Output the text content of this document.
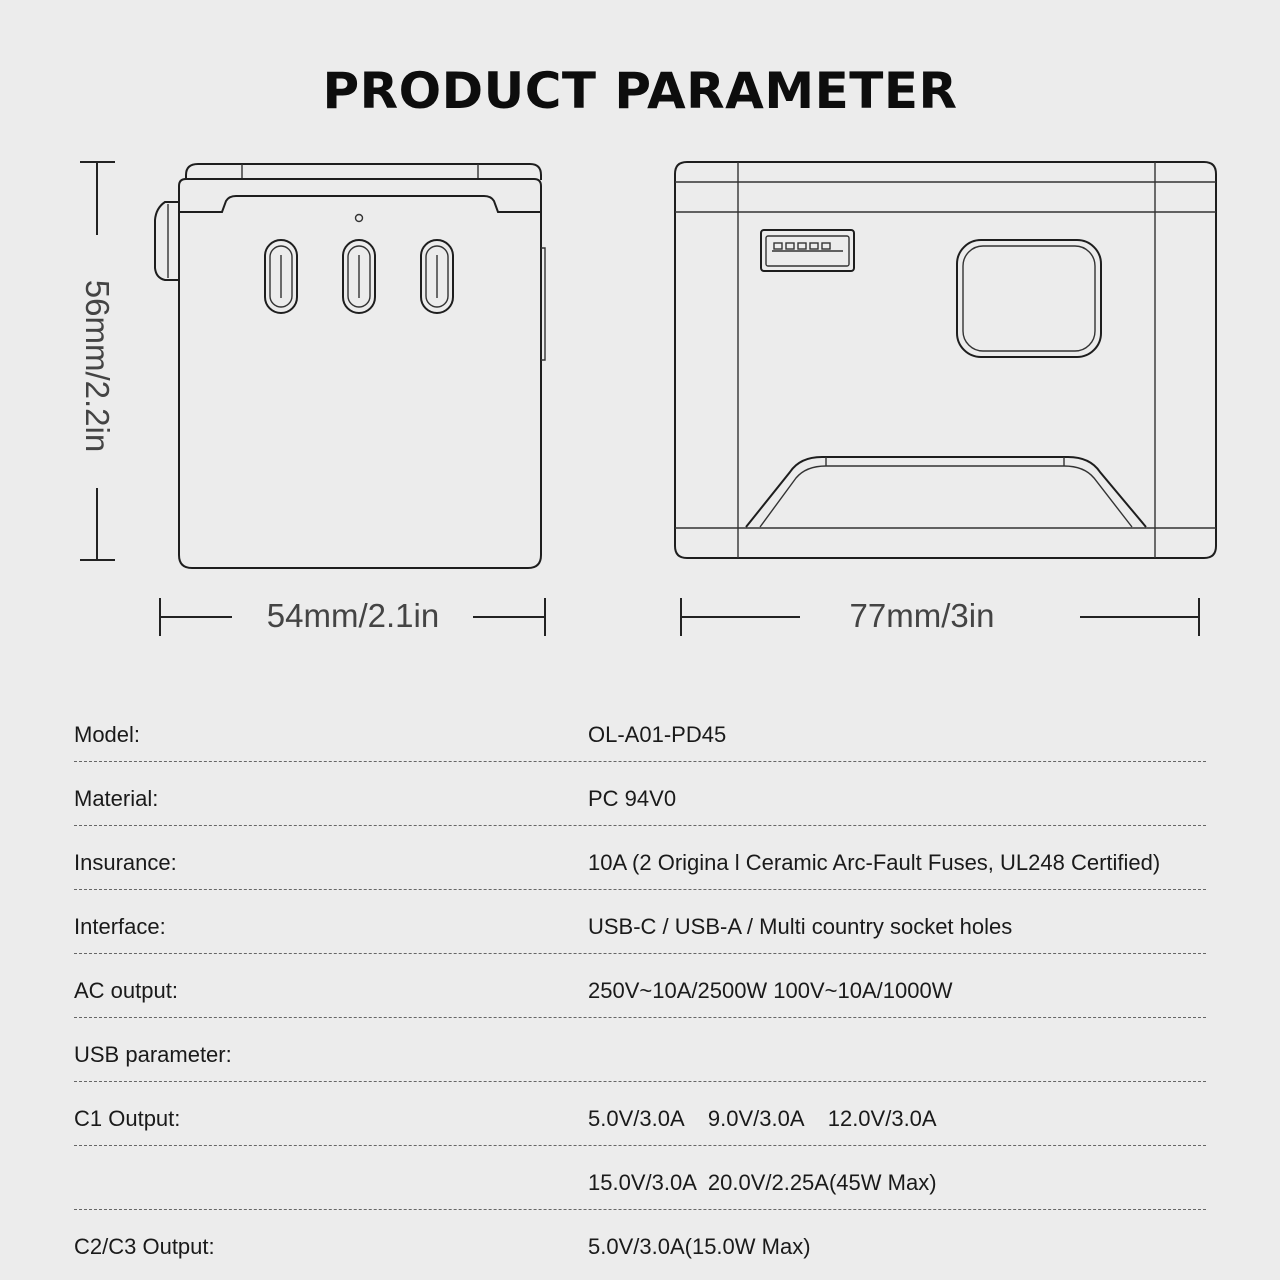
PRODUCT PARAMETER
56mm/2.2in
54mm/2.1in	77mm/3in
Model:	OL-A01-PD45
Material:	PC 94V0
Insurance:	10A (2 Origina l Ceramic Arc-Fault Fuses, UL248 Certified)
Interface:	USB-C / USB-A / Multi country socket holes
AC output:	250V~10A/2500W 100V~10A/1000W
USB parameter:
C1 Output:	5.0V/3.0A    9.0V/3.0A    12.0V/3.0A
15.0V/3.0A  20.0V/2.25A(45W Max)
C2/C3 Output:	5.0V/3.0A(15.0W Max)
